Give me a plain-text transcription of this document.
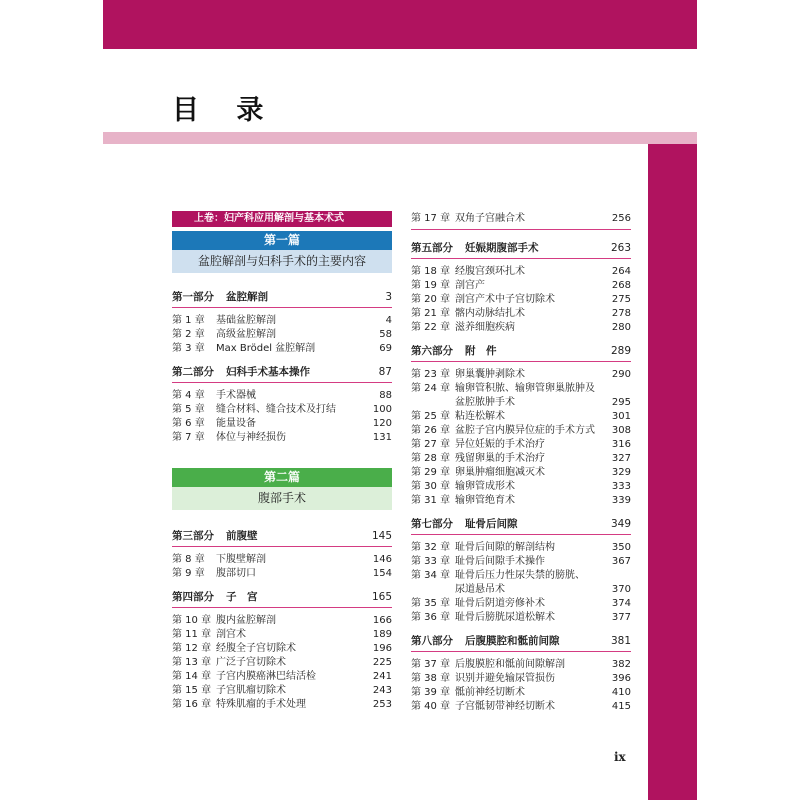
目 录
上卷：妇产科应用解剖与基本术式
第一篇
盆腔解剖与妇科手术的主要内容
第一部分 盆腔解剖	3
第 1 章	基础盆腔解剖	4
第 2 章	高级盆腔解剖	58
第 3 章	Max Brödel 盆腔解剖	69
第二部分 妇科手术基本操作	87
第 4 章	手术器械	88
第 5 章	缝合材料、缝合技术及打结	100
第 6 章	能量设备	120
第 7 章	体位与神经损伤	131
第二篇
腹部手术
第三部分 前腹壁	145
第 8 章	下腹壁解剖	146
第 9 章	腹部切口	154
第四部分 子　宫	165
第 10 章 腹内盆腔解剖	166
第 11 章 剖宫术	189
第 12 章 经腹全子宫切除术	196
第 13 章 广泛子宫切除术	225
第 14 章 子宫内膜癌淋巴结活检	241
第 15 章 子宫肌瘤切除术	243
第 16 章 特殊肌瘤的手术处理	253
第 17 章 双角子宫融合术	256
第五部分 妊娠期腹部手术	263
第 18 章 经腹宫颈环扎术	264
第 19 章 剖宫产	268
第 20 章 剖宫产术中子宫切除术	275
第 21 章 髂内动脉结扎术	278
第 22 章 滋养细胞疾病	280
第六部分 附　件	289
第 23 章 卵巢囊肿剥除术	290
第 24 章 输卵管积脓、输卵管卵巢脓肿及
盆腔脓肿手术	295
第 25 章 粘连松解术	301
第 26 章 盆腔子宫内膜异位症的手术方式	308
第 27 章 异位妊娠的手术治疗	316
第 28 章 残留卵巢的手术治疗	327
第 29 章 卵巢肿瘤细胞减灭术	329
第 30 章 输卵管成形术	333
第 31 章 输卵管绝育术	339
第七部分 耻骨后间隙	349
第 32 章 耻骨后间隙的解剖结构	350
第 33 章 耻骨后间隙手术操作	367
第 34 章 耻骨后压力性尿失禁的膀胱、
尿道悬吊术	370
第 35 章 耻骨后阴道旁修补术	374
第 36 章 耻骨后膀胱尿道松解术	377
第八部分 后腹膜腔和骶前间隙	381
第 37 章 后腹膜腔和骶前间隙解剖	382
第 38 章 识别并避免输尿管损伤	396
第 39 章 骶前神经切断术	410
第 40 章 子宫骶韧带神经切断术	415
ix
